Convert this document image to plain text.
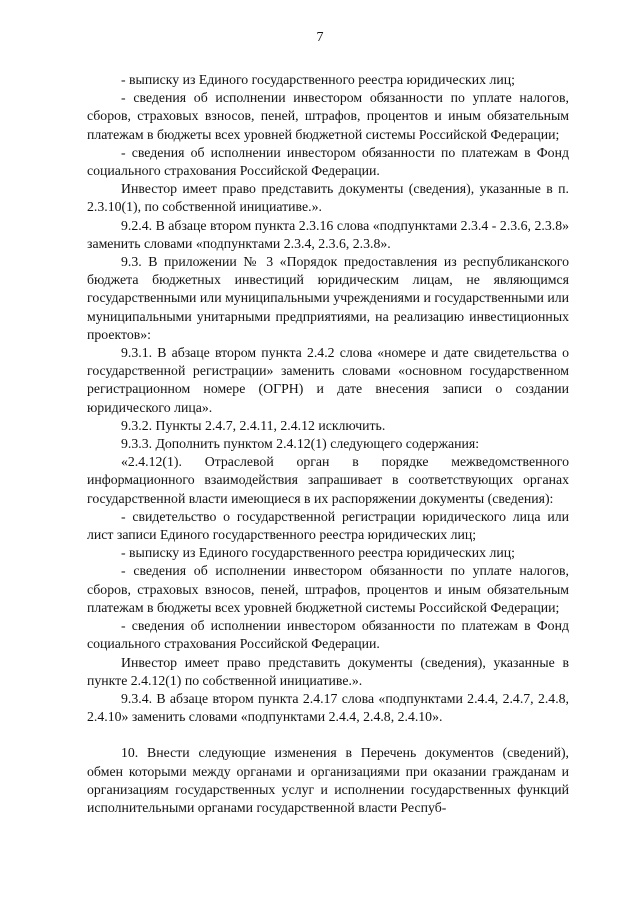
7

- выписку из Единого государственного реестра юридических лиц;

- сведения об исполнении инвестором обязанности по уплате налогов, сборов, страховых взносов, пеней, штрафов, процентов и иным обязательным платежам в бюджеты всех уровней бюджетной системы Российской Федерации;

- сведения об исполнении инвестором обязанности по платежам в Фонд социального страхования Российской Федерации.

Инвестор имеет право представить документы (сведения), указанные в п. 2.3.10(1), по собственной инициативе.».

9.2.4. В абзаце втором пункта 2.3.16 слова «подпунктами 2.3.4 - 2.3.6, 2.3.8» заменить словами «подпунктами 2.3.4, 2.3.6, 2.3.8».

9.3. В приложении № 3 «Порядок предоставления из республиканского бюджета бюджетных инвестиций юридическим лицам, не являющимся государственными или муниципальными учреждениями и государственными или муниципальными унитарными предприятиями, на реализацию инвестиционных проектов»:

9.3.1. В абзаце втором пункта 2.4.2 слова «номере и дате свидетельства о государственной регистрации» заменить словами «основном государственном регистрационном номере (ОГРН) и дате внесения записи о создании юридического лица».

9.3.2. Пункты 2.4.7, 2.4.11, 2.4.12 исключить.

9.3.3. Дополнить пунктом 2.4.12(1) следующего содержания:

«2.4.12(1). Отраслевой орган в порядке межведомственного информационного взаимодействия запрашивает в соответствующих органах государственной власти имеющиеся в их распоряжении документы (сведения):

- свидетельство о государственной регистрации юридического лица или лист записи Единого государственного реестра юридических лиц;

- выписку из Единого государственного реестра юридических лиц;

- сведения об исполнении инвестором обязанности по уплате налогов, сборов, страховых взносов, пеней, штрафов, процентов и иным обязательным платежам в бюджеты всех уровней бюджетной системы Российской Федерации;

- сведения об исполнении инвестором обязанности по платежам в Фонд социального страхования Российской Федерации.

Инвестор имеет право представить документы (сведения), указанные в пункте 2.4.12(1) по собственной инициативе.».

9.3.4. В абзаце втором пункта 2.4.17 слова «подпунктами 2.4.4, 2.4.7, 2.4.8, 2.4.10» заменить словами «подпунктами 2.4.4, 2.4.8, 2.4.10».

10. Внести следующие изменения в Перечень документов (сведений), обмен которыми между органами и организациями при оказании гражданам и организациям государственных услуг и исполнении государственных функций исполнительными органами государственной власти Респуб-
